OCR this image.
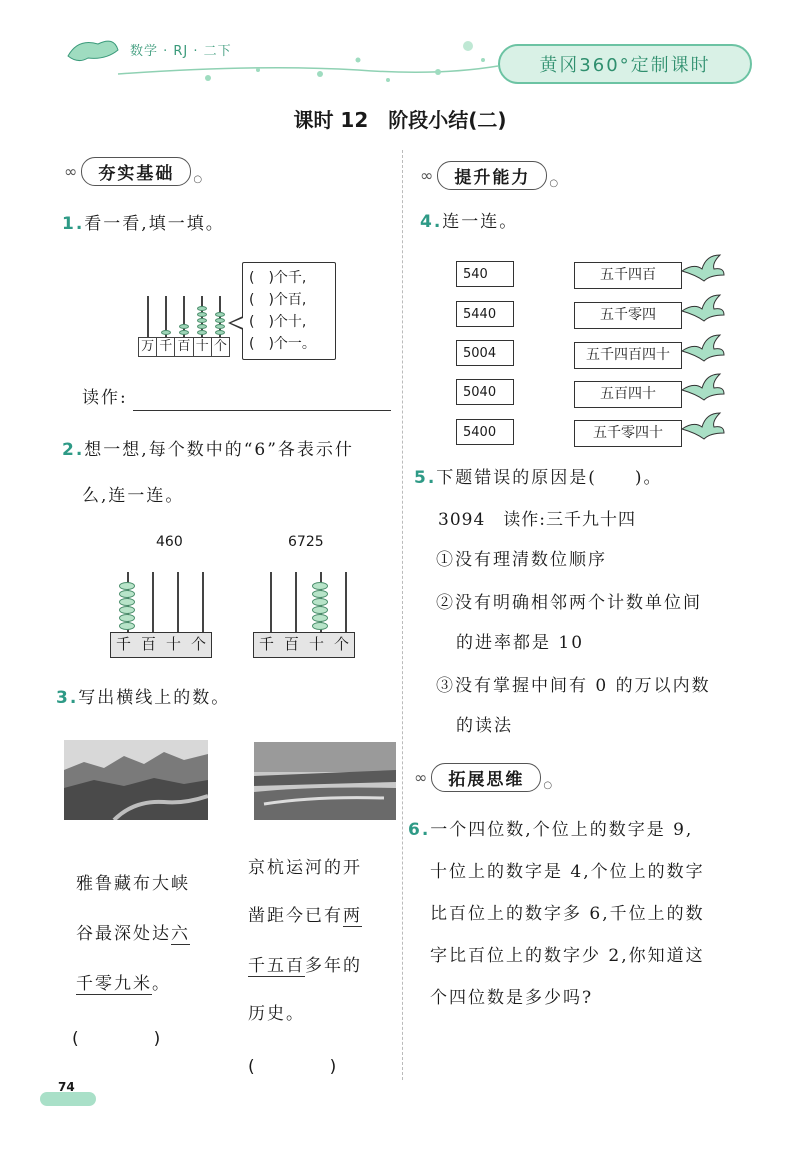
数学 · RJ · 二下
黄冈360°定制课时
课时 12　阶段小结(二)
∞	夯实基础	○
1.看一看,填一填。
万 千 百 十 个
(　)个千,
(　)个百,
(　)个十,
(　)个一。
读作:
2.想一想,每个数中的“6”各表示什
么,连一连。
460
千 百 十 个
6725
千 百 十 个
3.写出横线上的数。
雅鲁藏布大峡
谷最深处达六
千零九米。
(　　　)
京杭运河的开
凿距今已有两
千五百多年的
历史。
(　　　)
∞	提升能力	○
4.连一连。
540
5440
5004
5040
5400
五千四百
五千零四
五千四百四十
五百四十
五千零四十
5.下题错误的原因是(　　)。
3094　读作:三千九十四
①没有理清数位顺序
②没有明确相邻两个计数单位间
的进率都是 10
③没有掌握中间有 0 的万以内数
的读法
∞	拓展思维	○
6.一个四位数,个位上的数字是 9,
十位上的数字是 4,个位上的数字
比百位上的数字多 6,千位上的数
字比百位上的数字少 2,你知道这
个四位数是多少吗?
74
